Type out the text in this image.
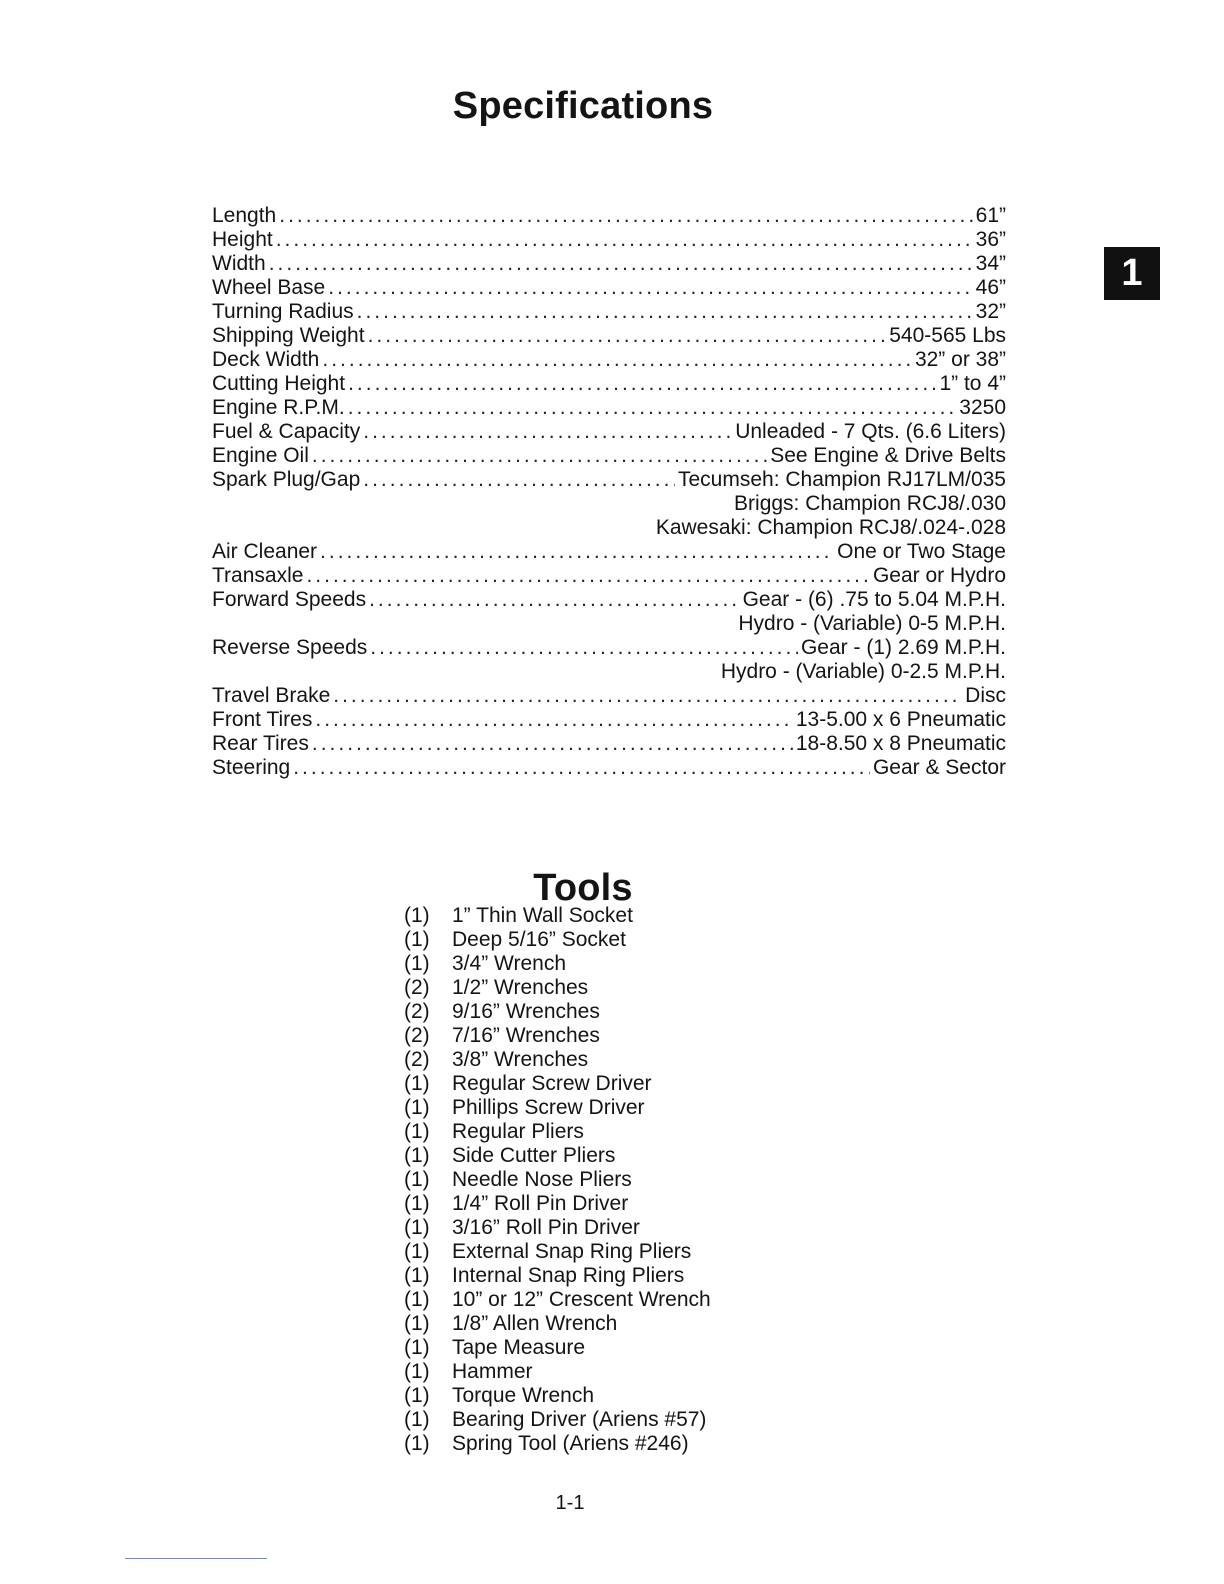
Specifications
1
Length .....	61”
Height .....	36”
Width .....	34”
Wheel Base .....	46”
Turning Radius .....	32”
Shipping Weight .....	540-565 Lbs
Deck Width .....	32” or 38”
Cutting Height .....	1” to 4”
Engine R.P.M. .....	3250
Fuel & Capacity .....	Unleaded - 7 Qts. (6.6 Liters)
Engine Oil .....	See Engine & Drive Belts
Spark Plug/Gap .....	Tecumseh: Champion RJ17LM/035
Briggs: Champion RCJ8/.030
Kawesaki: Champion RCJ8/.024-.028
Air Cleaner .....	One or Two Stage
Transaxle .....	Gear or Hydro
Forward Speeds .....	Gear - (6) .75 to 5.04 M.P.H.
Hydro - (Variable) 0-5 M.P.H.
Reverse Speeds .....	Gear - (1) 2.69 M.P.H.
Hydro - (Variable) 0-2.5 M.P.H.
Travel Brake .....	Disc
Front Tires .....	13-5.00 x 6 Pneumatic
Rear Tires .....	18-8.50 x 8 Pneumatic
Steering .....	Gear & Sector
Tools
(1) 1” Thin Wall Socket
(1) Deep 5/16” Socket
(1) 3/4” Wrench
(2) 1/2” Wrenches
(2) 9/16” Wrenches
(2) 7/16” Wrenches
(2) 3/8” Wrenches
(1) Regular Screw Driver
(1) Phillips Screw Driver
(1) Regular Pliers
(1) Side Cutter Pliers
(1) Needle Nose Pliers
(1) 1/4” Roll Pin Driver
(1) 3/16” Roll Pin Driver
(1) External Snap Ring Pliers
(1) Internal Snap Ring Pliers
(1) 10” or 12” Crescent Wrench
(1) 1/8” Allen Wrench
(1) Tape Measure
(1) Hammer
(1) Torque Wrench
(1) Bearing Driver (Ariens #57)
(1) Spring Tool (Ariens #246)
1-1
